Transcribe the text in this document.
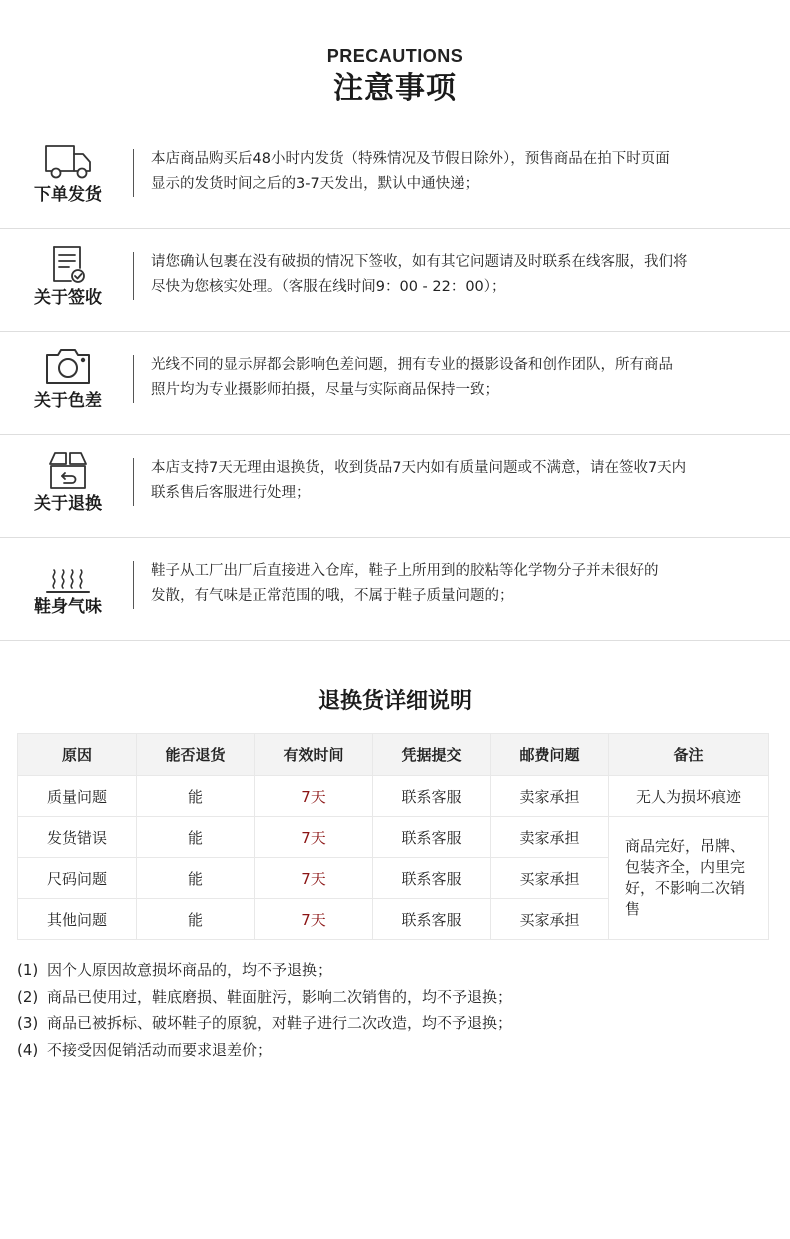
PRECAUTIONS
注意事项
下单发货
本店商品购买后48小时内发货（特殊情况及节假日除外），预售商品在拍下时页面
显示的发货时间之后的3-7天发出，默认中通快递；
关于签收
请您确认包裹在没有破损的情况下签收，如有其它问题请及时联系在线客服，我们将
尽快为您核实处理。（客服在线时间9：00 - 22：00）；
关于色差
光线不同的显示屏都会影响色差问题，拥有专业的摄影设备和创作团队，所有商品
照片均为专业摄影师拍摄，尽量与实际商品保持一致；
关于退换
本店支持7天无理由退换货，收到货品7天内如有质量问题或不满意，请在签收7天内
联系售后客服进行处理；
鞋身气味
鞋子从工厂出厂后直接进入仓库，鞋子上所用到的胶粘等化学物分子并未很好的
发散，有气味是正常范围的哦，不属于鞋子质量问题的；
退换货详细说明
原因	能否退货	有效时间	凭据提交	邮费问题	备注
质量问题	能	7天	联系客服	卖家承担	无人为损坏痕迹
发货错误	能	7天	联系客服	卖家承担	商品完好，吊牌、包装齐全，内里完好，不影响二次销售
尺码问题	能	7天	联系客服	买家承担	
其他问题	能	7天	联系客服	买家承担	
(1) 因个人原因故意损坏商品的，均不予退换；
(2) 商品已使用过，鞋底磨损、鞋面脏污，影响二次销售的，均不予退换；
(3) 商品已被拆标、破坏鞋子的原貌，对鞋子进行二次改造，均不予退换；
(4) 不接受因促销活动而要求退差价；
